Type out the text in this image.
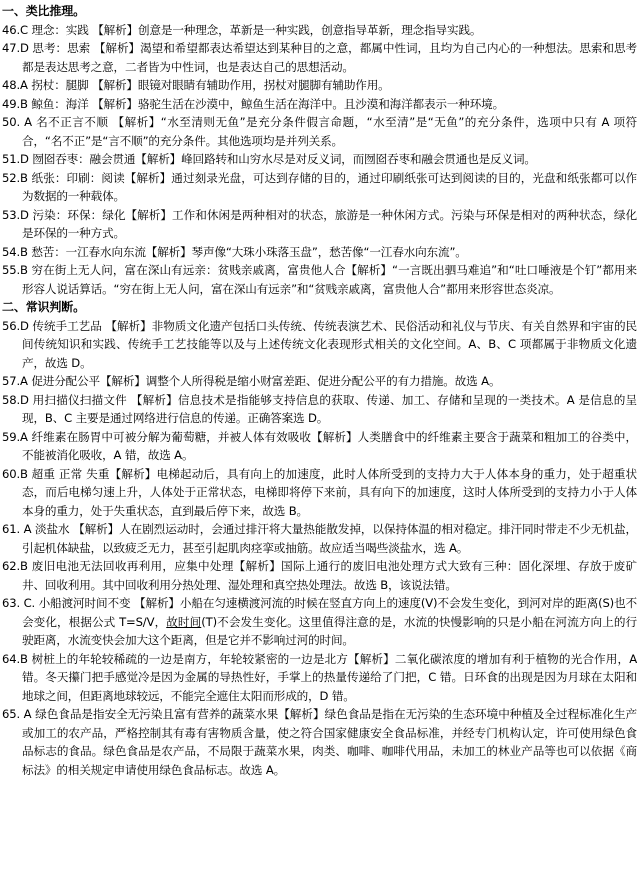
一、类比推理。
46.C 理念：实践 【解析】创意是一种理念，革新是一种实践，创意指导革新，理念指导实践。
47.D 思考：思索 【解析】渴望和希望都表达希望达到某种目的之意，都属中性词，且均为自己内心的一种想法。思索和思考都是表达思考之意，二者皆为中性词，也是表达自己的思想活动。
48.A 拐杖：腿脚 【解析】眼镜对眼睛有辅助作用，拐杖对腿脚有辅助作用。
49.B 鲸鱼：海洋 【解析】骆驼生活在沙漠中，鲸鱼生活在海洋中。且沙漠和海洋都表示一种环境。
50. A 名不正言不顺 【解析】“水至清则无鱼”是充分条件假言命题，“水至清”是“无鱼”的充分条件，选项中只有 A 项符合，“名不正”是“言不顺”的充分条件。其他选项均是并列关系。
51.D 囫囵吞枣：融会贯通【解析】峰回路转和山穷水尽是对反义词，而囫囵吞枣和融会贯通也是反义词。
52.B 纸张：印刷：阅读【解析】通过刻录光盘，可达到存储的目的，通过印刷纸张可达到阅读的目的，光盘和纸张都可以作为数据的一种载体。
53.D 污染：环保：绿化【解析】工作和休闲是两种相对的状态，旅游是一种休闲方式。污染与环保是相对的两种状态，绿化是环保的一种方式。
54.B 愁苦：一江春水向东流【解析】琴声像“大珠小珠落玉盘”，愁苦像“一江春水向东流”。
55.B 穷在街上无人问，富在深山有远亲：贫贱亲戚离，富贵他人合【解析】“一言既出驷马难追”和“吐口唾液是个钉”都用来形容人说话算话。“穷在街上无人问，富在深山有远亲”和“贫贱亲戚离，富贵他人合”都用来形容世态炎凉。
二、常识判断。
56.D 传统手工艺品 【解析】非物质文化遗产包括口头传统、传统表演艺术、民俗活动和礼仪与节庆、有关自然界和宇宙的民间传统知识和实践、传统手工艺技能等以及与上述传统文化表现形式相关的文化空间。A、B、C 项都属于非物质文化遗产，故选 D。
57.A 促进分配公平【解析】调整个人所得税是缩小财富差距、促进分配公平的有力措施。故选 A。
58.D 用扫描仪扫描文件 【解析】信息技术是指能够支持信息的获取、传递、加工、存储和呈现的一类技术。A 是信息的呈现，B、C 主要是通过网络进行信息的传递。正确答案选 D。
59.A 纤维素在肠胃中可被分解为葡萄糖，并被人体有效吸收【解析】人类膳食中的纤维素主要含于蔬菜和粗加工的谷类中，不能被消化吸收，A 错，故选 A。
60.B 超重 正常 失重【解析】电梯起动后，具有向上的加速度，此时人体所受到的支持力大于人体本身的重力，处于超重状态，而后电梯匀速上升，人体处于正常状态，电梯即将停下来前，具有向下的加速度，这时人体所受到的支持力小于人体本身的重力，处于失重状态，直到最后停下来，故选 B。
61. A 淡盐水 【解析】人在剧烈运动时，会通过排汗将大量热能散发掉，以保持体温的相对稳定。排汗同时带走不少无机盐，引起机体缺盐，以致疲乏无力，甚至引起肌肉痉挛或抽筋。故应适当喝些淡盐水，选 A。
62.B 废旧电池无法回收再利用，应集中处理【解析】国际上通行的废旧电池处理方式大致有三种：固化深埋、存放于废矿井、回收利用。其中回收利用分热处理、湿处理和真空热处理法。故选 B，该说法错。
63. C. 小船渡河时间不变 【解析】小船在匀速横渡河流的时候在竖直方向上的速度(V)不会发生变化，到河对岸的距离(S)也不会变化，根据公式 T=S/V，故时间(T)不会发生变化。这里值得注意的是，水流的快慢影响的只是小船在河流方向上的行驶距离，水流变快会加大这个距离，但是它并不影响过河的时间。
64.B 树桩上的年轮较稀疏的一边是南方，年轮较紧密的一边是北方【解析】二氧化碳浓度的增加有利于植物的光合作用，A 错。冬天攥门把手感觉冷是因为金属的导热性好，手掌上的热量传递给了门把，C 错。日环食的出现是因为月球在太阳和地球之间，但距离地球较远，不能完全遮住太阳而形成的，D 错。
65. A 绿色食品是指安全无污染且富有营养的蔬菜水果【解析】绿色食品是指在无污染的生态环境中种植及全过程标准化生产或加工的农产品，严格控制其有毒有害物质含量，使之符合国家健康安全食品标准，并经专门机构认定，许可使用绿色食品标志的食品。绿色食品是农产品，不局限于蔬菜水果，肉类、咖啡、咖啡代用品，未加工的林业产品等也可以依据《商标法》的相关规定申请使用绿色食品标志。故选 A。
